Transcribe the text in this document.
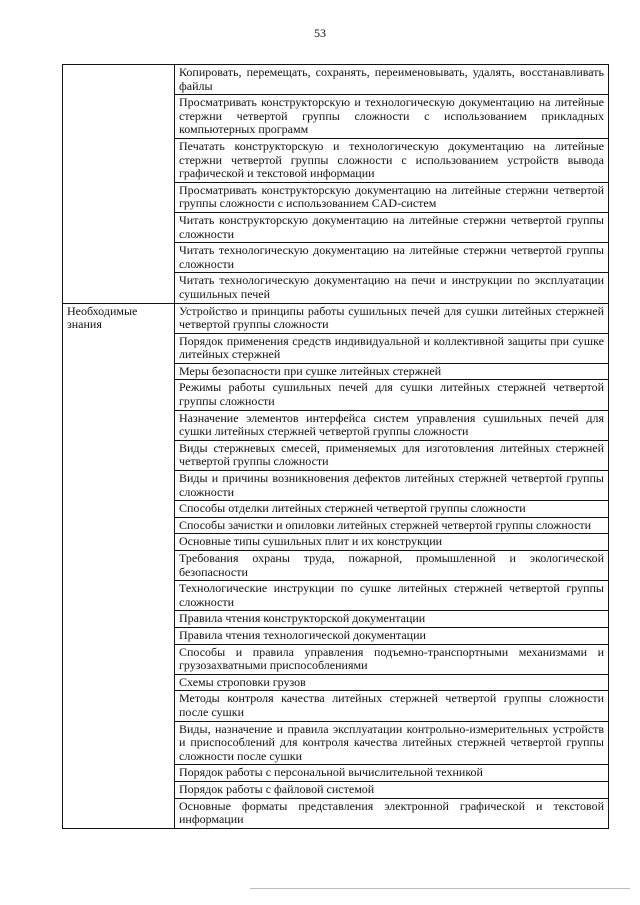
53
	Копировать, перемещать, сохранять, переименовывать, удалять, восстанавливать файлы
	Просматривать конструкторскую и технологическую документацию на литейные стержни четвертой группы сложности с использованием прикладных компьютерных программ
	Печатать конструкторскую и технологическую документацию на литейные стержни четвертой группы сложности с использованием устройств вывода графической и текстовой информации
	Просматривать конструкторскую документацию на литейные стержни четвертой группы сложности с использованием CAD-систем
	Читать конструкторскую документацию на литейные стержни четвертой группы сложности
	Читать технологическую документацию на литейные стержни четвертой группы сложности
	Читать технологическую документацию на печи и инструкции по эксплуатации сушильных печей
Необходимые знания	Устройство и принципы работы сушильных печей для сушки литейных стержней четвертой группы сложности
	Порядок применения средств индивидуальной и коллективной защиты при сушке литейных стержней
	Меры безопасности при сушке литейных стержней
	Режимы работы сушильных печей для сушки литейных стержней четвертой группы сложности
	Назначение элементов интерфейса систем управления сушильных печей для сушки литейных стержней четвертой группы сложности
	Виды стержневых смесей, применяемых для изготовления литейных стержней четвертой группы сложности
	Виды и причины возникновения дефектов литейных стержней четвертой группы сложности
	Способы отделки литейных стержней четвертой группы сложности
	Способы зачистки и опиловки литейных стержней четвертой группы сложности
	Основные типы сушильных плит и их конструкции
	Требования охраны труда, пожарной, промышленной и экологической безопасности
	Технологические инструкции по сушке литейных стержней четвертой группы сложности
	Правила чтения конструкторской документации
	Правила чтения технологической документации
	Способы и правила управления подъемно-транспортными механизмами и грузозахватными приспособлениями
	Схемы строповки грузов
	Методы контроля качества литейных стержней четвертой группы сложности после сушки
	Виды, назначение и правила эксплуатации контрольно-измерительных устройств и приспособлений для контроля качества литейных стержней четвертой группы сложности после сушки
	Порядок работы с персональной вычислительной техникой
	Порядок работы с файловой системой
	Основные форматы представления электронной графической и текстовой информации
